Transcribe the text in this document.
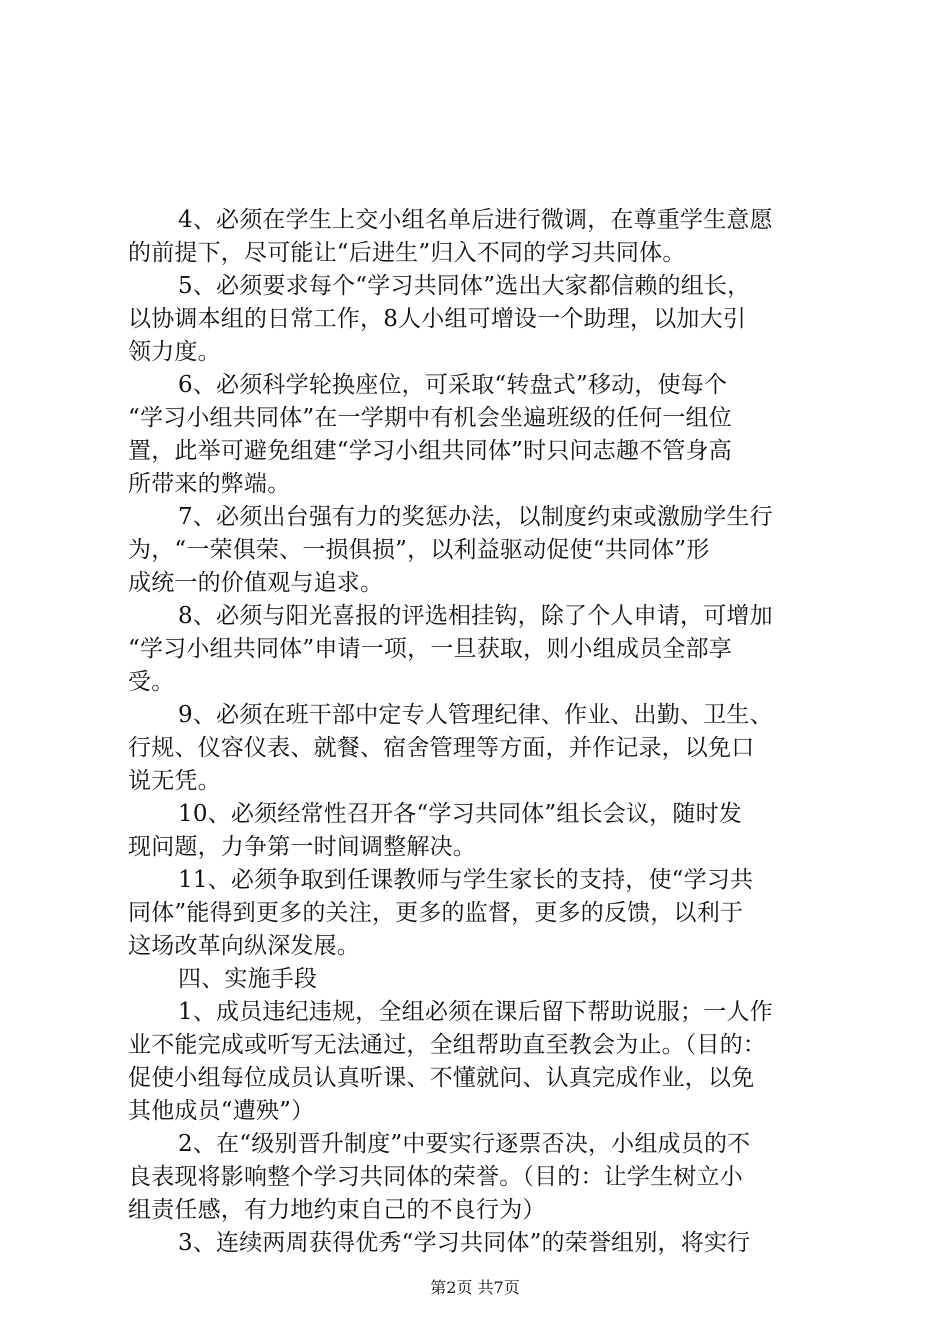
4、必须在学生上交小组名单后进行微调，在尊重学生意愿
的前提下，尽可能让“后进生”归入不同的学习共同体。
5、必须要求每个“学习共同体”选出大家都信赖的组长，
以协调本组的日常工作，8人小组可增设一个助理，以加大引
领力度。
6、必须科学轮换座位，可采取“转盘式”移动，使每个
“学习小组共同体”在一学期中有机会坐遍班级的任何一组位
置，此举可避免组建“学习小组共同体”时只问志趣不管身高
所带来的弊端。
7、必须出台强有力的奖惩办法，以制度约束或激励学生行
为，“一荣俱荣、一损俱损”，以利益驱动促使“共同体”形
成统一的价值观与追求。
8、必须与阳光喜报的评选相挂钩，除了个人申请，可增加
“学习小组共同体”申请一项，一旦获取，则小组成员全部享
受。
9、必须在班干部中定专人管理纪律、作业、出勤、卫生、
行规、仪容仪表、就餐、宿舍管理等方面，并作记录，以免口
说无凭。
10、必须经常性召开各“学习共同体”组长会议，随时发
现问题，力争第一时间调整解决。
11、必须争取到任课教师与学生家长的支持，使“学习共
同体”能得到更多的关注，更多的监督，更多的反馈，以利于
这场改革向纵深发展。
四、实施手段
1、成员违纪违规，全组必须在课后留下帮助说服；一人作
业不能完成或听写无法通过，全组帮助直至教会为止。（目的：
促使小组每位成员认真听课、不懂就问、认真完成作业，以免
其他成员“遭殃”）
2、在“级别晋升制度”中要实行逐票否决，小组成员的不
良表现将影响整个学习共同体的荣誉。（目的：让学生树立小
组责任感，有力地约束自己的不良行为）
3、连续两周获得优秀“学习共同体”的荣誉组别，将实行
第2页 共7页
